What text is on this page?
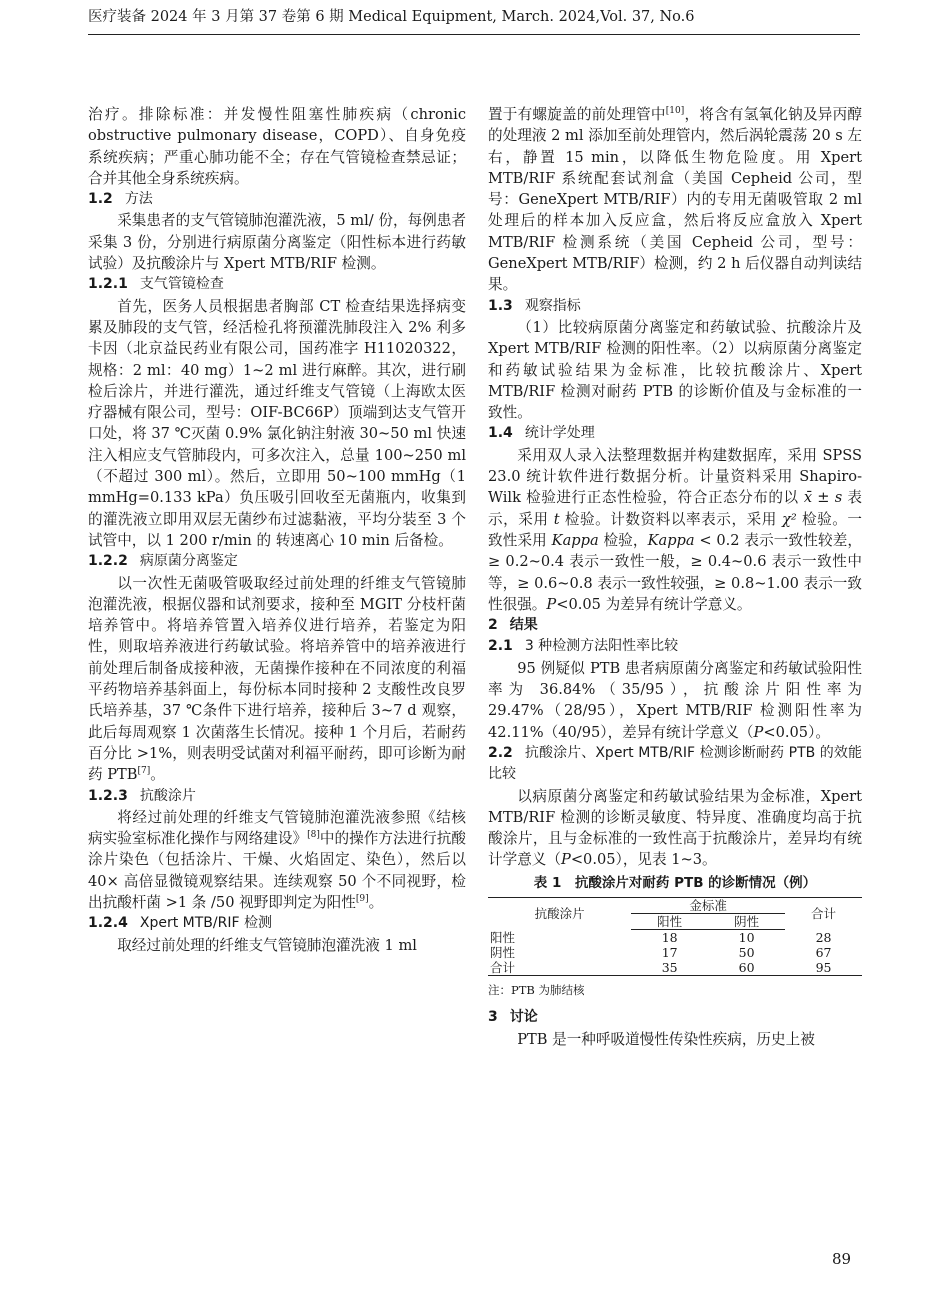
医疗装备 2024 年 3 月第 37 卷第 6 期 Medical Equipment, March. 2024,Vol. 37, No.6

治疗。排除标准：并发慢性阻塞性肺疾病（chronic obstructive pulmonary disease，COPD）、自身免疫系统疾病；严重心肺功能不全；存在气管镜检查禁忌证；合并其他全身系统疾病。

1.2 方法

采集患者的支气管镜肺泡灌洗液，5 ml/ 份，每例患者采集 3 份，分别进行病原菌分离鉴定（阳性标本进行药敏试验）及抗酸涂片与 Xpert MTB/RIF 检测。

1.2.1 支气管镜检查

首先，医务人员根据患者胸部 CT 检查结果选择病变累及肺段的支气管，经活检孔将预灌洗肺段注入 2% 利多卡因（北京益民药业有限公司，国药准字 H11020322，规格：2 ml：40 mg）1~2 ml 进行麻醉。其次，进行刷检后涂片，并进行灌洗，通过纤维支气管镜（上海欧太医疗器械有限公司，型号：OIF-BC66P）顶端到达支气管开口处，将 37 ℃灭菌 0.9% 氯化钠注射液 30~50 ml 快速注入相应支气管肺段内，可多次注入，总量 100~250 ml（不超过 300 ml）。然后，立即用 50~100 mmHg（1 mmHg=0.133 kPa）负压吸引回收至无菌瓶内，收集到的灌洗液立即用双层无菌纱布过滤黏液，平均分装至 3 个试管中，以 1 200 r/min 的 转速离心 10 min 后备检。

1.2.2 病原菌分离鉴定

以一次性无菌吸管吸取经过前处理的纤维支气管镜肺泡灌洗液，根据仪器和试剂要求，接种至 MGIT 分枝杆菌培养管中。将培养管置入培养仪进行培养，若鉴定为阳性，则取培养液进行药敏试验。将培养管中的培养液进行前处理后制备成接种液，无菌操作接种在不同浓度的利福平药物培养基斜面上，每份标本同时接种 2 支酸性改良罗氏培养基，37 ℃条件下进行培养，接种后 3~7 d 观察，此后每周观察 1 次菌落生长情况。接种 1 个月后，若耐药百分比 >1%，则表明受试菌对利福平耐药，即可诊断为耐药 PTB[7]。

1.2.3 抗酸涂片

将经过前处理的纤维支气管镜肺泡灌洗液参照《结核病实验室标准化操作与网络建设》[8]中的操作方法进行抗酸涂片染色（包括涂片、干燥、火焰固定、染色），然后以 40× 高倍显微镜观察结果。连续观察 50 个不同视野，检出抗酸杆菌 >1 条 /50 视野即判定为阳性[9]。

1.2.4 Xpert MTB/RIF 检测

取经过前处理的纤维支气管镜肺泡灌洗液 1 ml

置于有螺旋盖的前处理管中[10]，将含有氢氧化钠及异丙醇的处理液 2 ml 添加至前处理管内，然后涡轮震荡 20 s 左右，静置 15 min，以降低生物危险度。用 Xpert MTB/RIF 系统配套试剂盒（美国 Cepheid 公司，型号：GeneXpert MTB/RIF）内的专用无菌吸管取 2 ml 处理后的样本加入反应盒，然后将反应盒放入 Xpert MTB/RIF 检测系统（美国 Cepheid 公司，型号：GeneXpert MTB/RIF）检测，约 2 h 后仪器自动判读结果。

1.3 观察指标

（1）比较病原菌分离鉴定和药敏试验、抗酸涂片及 Xpert MTB/RIF 检测的阳性率。（2）以病原菌分离鉴定和药敏试验结果为金标准，比较抗酸涂片、Xpert MTB/RIF 检测对耐药 PTB 的诊断价值及与金标准的一致性。

1.4 统计学处理

采用双人录入法整理数据并构建数据库，采用 SPSS 23.0 统计软件进行数据分析。计量资料采用 Shapiro-Wilk 检验进行正态性检验，符合正态分布的以 x̄ ± s 表示，采用 t 检验。计数资料以率表示，采用 χ² 检验。一致性采用 Kappa 检验，Kappa < 0.2 表示一致性较差，≥ 0.2~0.4 表示一致性一般，≥ 0.4~0.6 表示一致性中等，≥ 0.6~0.8 表示一致性较强，≥ 0.8~1.00 表示一致性很强。P<0.05 为差异有统计学意义。

2 结果

2.1 3 种检测方法阳性率比较

95 例疑似 PTB 患者病原菌分离鉴定和药敏试验阳性率为 36.84%（35/95），抗酸涂片阳性率为 29.47%（28/95），Xpert MTB/RIF 检测阳性率为 42.11%（40/95），差异有统计学意义（P<0.05）。

2.2 抗酸涂片、Xpert MTB/RIF 检测诊断耐药 PTB 的效能比较

以病原菌分离鉴定和药敏试验结果为金标准，Xpert MTB/RIF 检测的诊断灵敏度、特异度、准确度均高于抗酸涂片，且与金标准的一致性高于抗酸涂片，差异均有统计学意义（P<0.05），见表 1~3。

表 1　抗酸涂片对耐药 PTB 的诊断情况（例）
抗酸涂片	金标准		合计
	阳性	阴性	
阳性	18	10	28
阴性	17	50	67
合计	35	60	95
注：PTB 为肺结核

3 讨论

PTB 是一种呼吸道慢性传染性疾病，历史上被

89
